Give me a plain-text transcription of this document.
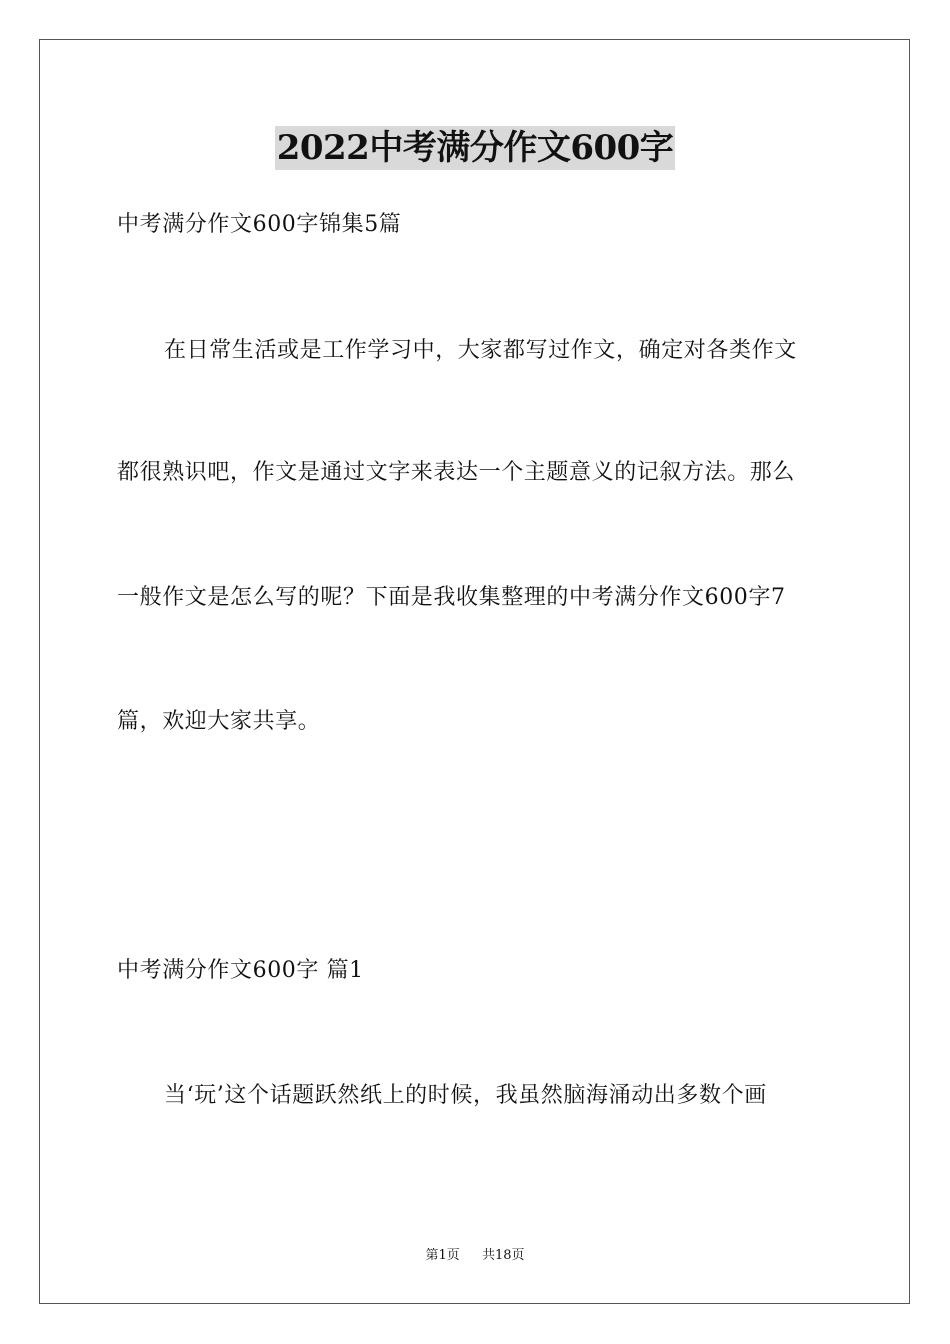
2022中考满分作文600字
中考满分作文600字锦集5篇
在日常生活或是工作学习中，大家都写过作文，确定对各类作文
都很熟识吧，作文是通过文字来表达一个主题意义的记叙方法。那么
一般作文是怎么写的呢？下面是我收集整理的中考满分作文600字7
篇，欢迎大家共享。
中考满分作文600字 篇1
当‘玩’这个话题跃然纸上的时候，我虽然脑海涌动出多数个画
第1页 共18页
